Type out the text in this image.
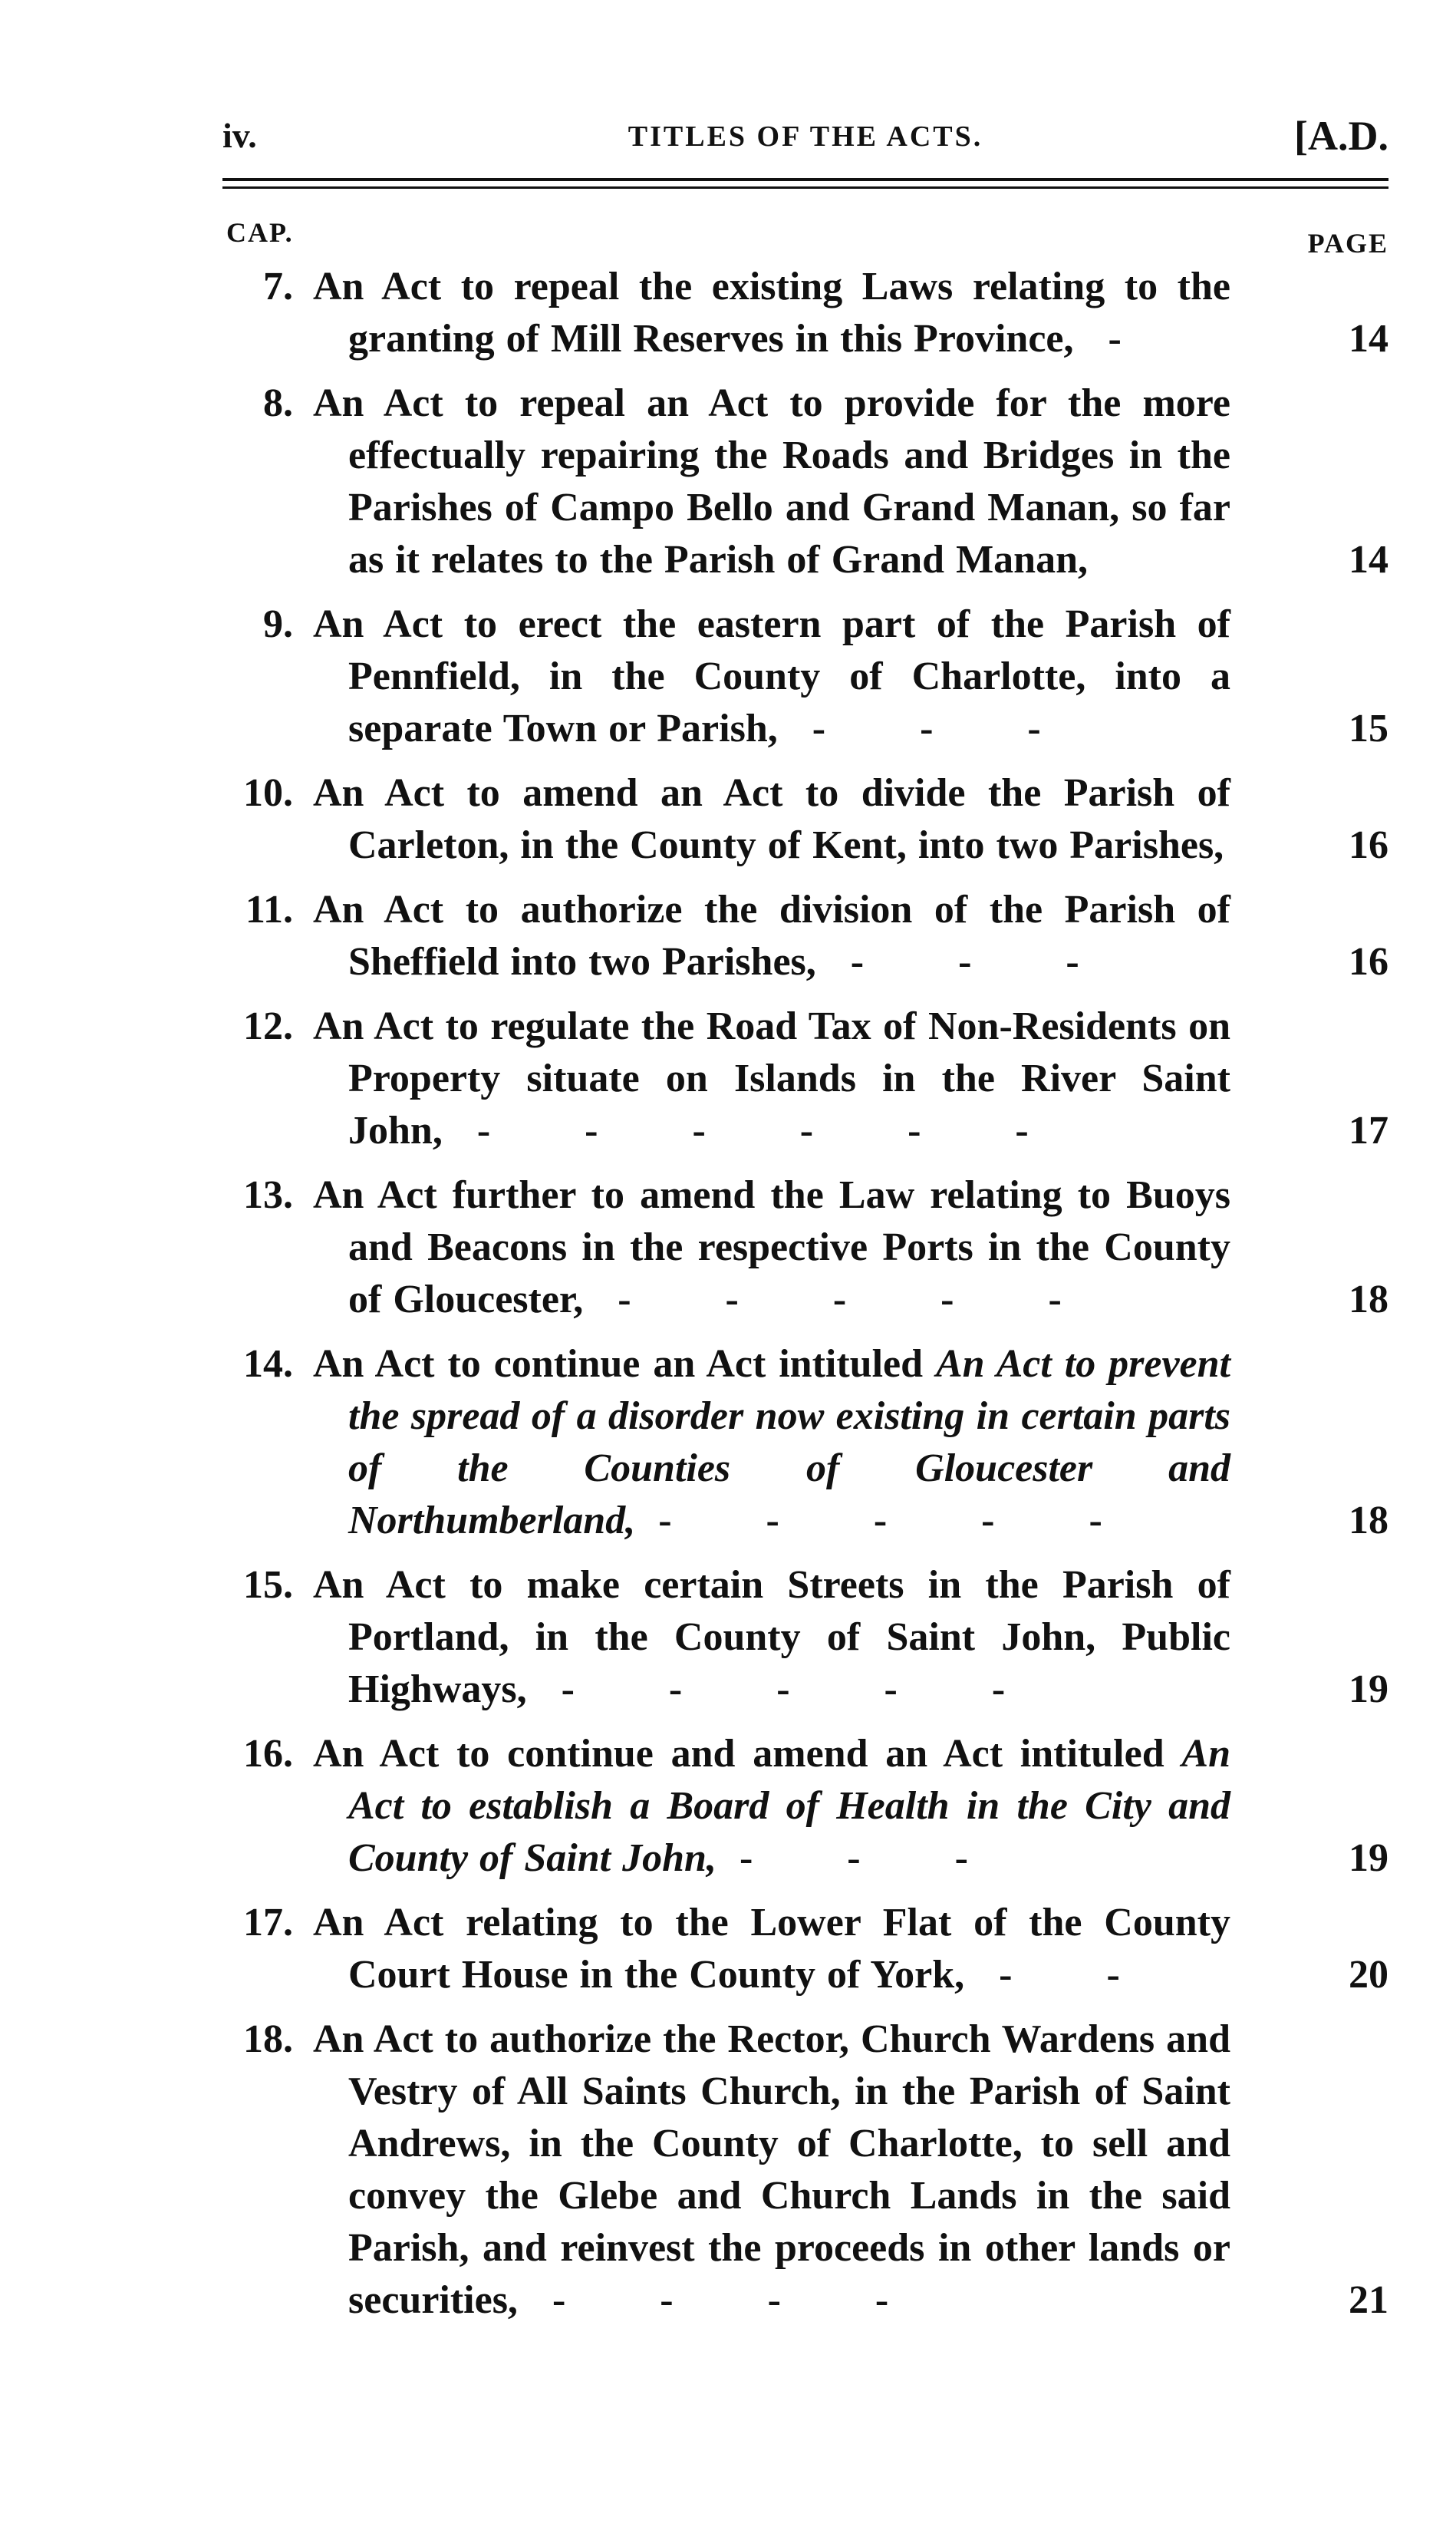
iv.	TITLES OF THE ACTS.	[A.D.
CAP.	PAGE
7. An Act to repeal the existing Laws relating to the granting of Mill Reserves in this Province, -	14
8. An Act to repeal an Act to provide for the more effectually repairing the Roads and Bridges in the Parishes of Campo Bello and Grand Manan, so far as it relates to the Parish of Grand Manan,	14
9. An Act to erect the eastern part of the Parish of Pennfield, in the County of Charlotte, into a separate Town or Parish, - - -	15
10. An Act to amend an Act to divide the Parish of Carleton, in the County of Kent, into two Parishes,	16
11. An Act to authorize the division of the Parish of Sheffield into two Parishes, - - -	16
12. An Act to regulate the Road Tax of Non-Residents on Property situate on Islands in the River Saint John, - - - - - -	17
13. An Act further to amend the Law relating to Buoys and Beacons in the respective Ports in the County of Gloucester, - - - - -	18
14. An Act to continue an Act intituled An Act to prevent the spread of a disorder now existing in certain parts of the Counties of Gloucester and Northumberland, - - - - -	18
15. An Act to make certain Streets in the Parish of Portland, in the County of Saint John, Public Highways, - - - - -	19
16. An Act to continue and amend an Act intituled An Act to establish a Board of Health in the City and County of Saint John, - - -	19
17. An Act relating to the Lower Flat of the County Court House in the County of York, - -	20
18. An Act to authorize the Rector, Church Wardens and Vestry of All Saints Church, in the Parish of Saint Andrews, in the County of Charlotte, to sell and convey the Glebe and Church Lands in the said Parish, and reinvest the proceeds in other lands or securities, - - - -	21
